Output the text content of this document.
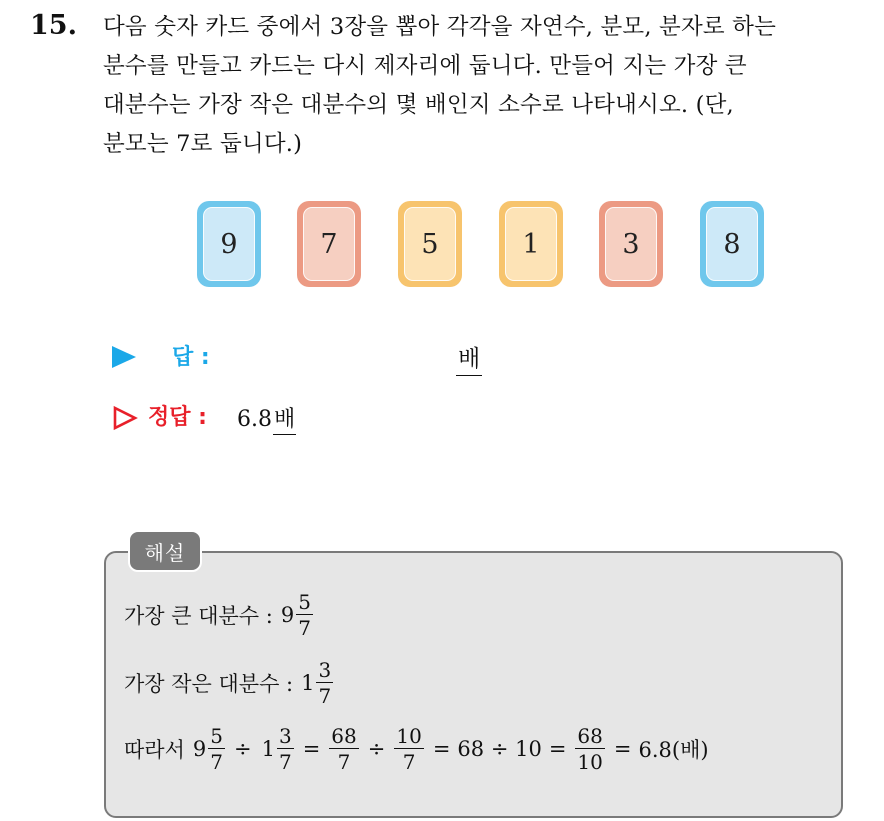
15. 다음 숫자 카드 중에서 3장을 뽑아 각각을 자연수, 분모, 분자로 하는
분수를 만들고 카드는 다시 제자리에 둡니다. 만들어 지는 가장 큰
대분수는 가장 작은 대분수의 몇 배인지 소수로 나타내시오. (단,
분모는 7로 둡니다.)
9	7	5	1	3	8
답 :	배
정답 : 6.8배
해설
가장 큰 대분수 : $9 \frac{5}{7}$
가장 작은 대분수 : $1 \frac{3}{7}$
따라서 $9 \frac{5}{7} \div 1 \frac{3}{7} = \frac{68}{7} \div \frac{10}{7} = 68 \div 10 = \frac{68}{10} = 6.8$(배)
